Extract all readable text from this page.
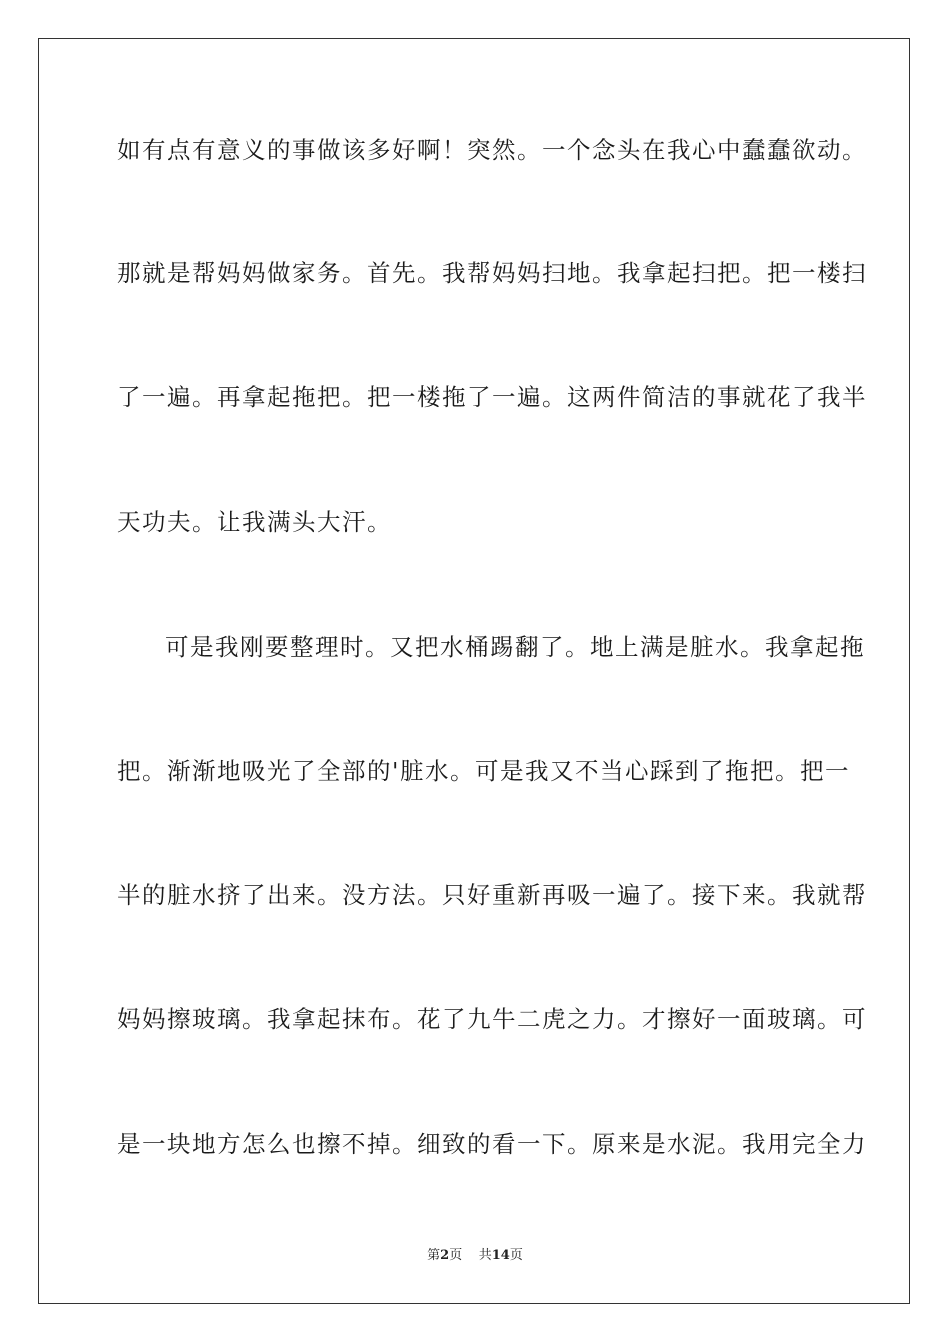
如有点有意义的事做该多好啊！突然。一个念头在我心中蠢蠢欲动。
那就是帮妈妈做家务。首先。我帮妈妈扫地。我拿起扫把。把一楼扫
了一遍。再拿起拖把。把一楼拖了一遍。这两件简洁的事就花了我半
天功夫。让我满头大汗。
可是我刚要整理时。又把水桶踢翻了。地上满是脏水。我拿起拖
把。渐渐地吸光了全部的'脏水。可是我又不当心踩到了拖把。把一
半的脏水挤了出来。没方法。只好重新再吸一遍了。接下来。我就帮
妈妈擦玻璃。我拿起抹布。花了九牛二虎之力。才擦好一面玻璃。可
是一块地方怎么也擦不掉。细致的看一下。原来是水泥。我用完全力
第2页 共14页
